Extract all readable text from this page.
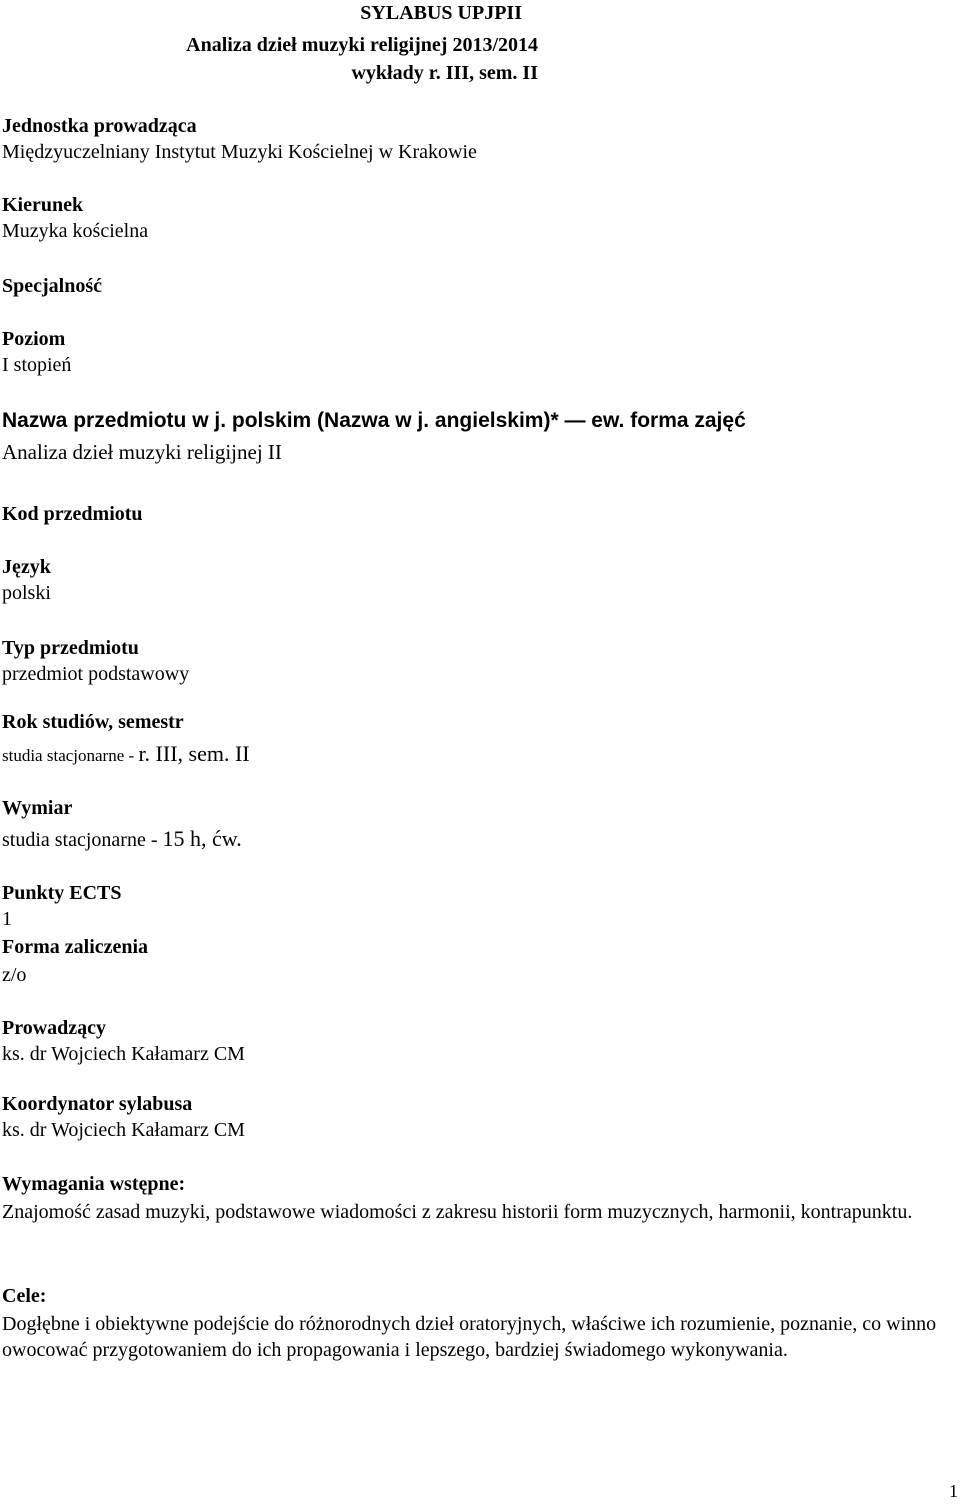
SYLABUS UPJPII

Analiza dzieł muzyki religijnej 2013/2014

wykłady r. III, sem. II

Jednostka prowadząca

Międzyuczelniany Instytut Muzyki Kościelnej w Krakowie

Kierunek

Muzyka kościelna

Specjalność

Poziom

I stopień

Nazwa przedmiotu w j. polskim (Nazwa w j. angielskim)* — ew. forma zajęć

Analiza dzieł muzyki religijnej II

Kod przedmiotu

Język

polski

Typ przedmiotu

przedmiot podstawowy

Rok studiów, semestr

studia stacjonarne - r. III, sem. II

Wymiar

studia stacjonarne - 15 h, ćw.

Punkty ECTS

1

Forma zaliczenia

z/o

Prowadzący

ks. dr Wojciech Kałamarz CM

Koordynator sylabusa

ks. dr Wojciech Kałamarz CM

Wymagania wstępne:

Znajomość zasad muzyki, podstawowe wiadomości z zakresu historii form muzycznych, harmonii, kontrapunktu.

Cele:

Dogłębne i obiektywne podejście do różnorodnych dzieł oratoryjnych, właściwe ich rozumienie, poznanie, co winno owocować przygotowaniem do ich propagowania i lepszego, bardziej świadomego wykonywania.

1
